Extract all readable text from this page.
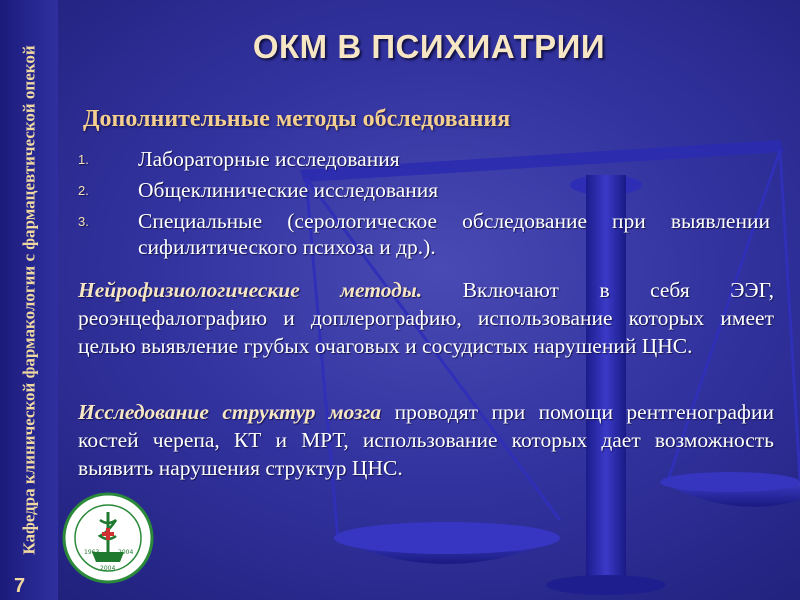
Кафедра клинической фармакологии с фармацевтической опекой
7
1963	2004
2004
ОКМ В ПСИХИАТРИИ
Дополнительные методы обследования
1. Лабораторные исследования
2. Общеклинические исследования
3. Специальные (серологическое обследование при выявлении сифилитического психоза и др.).
Нейрофизиологические методы. Включают в себя ЭЭГ, реоэнцефалографию и доплерографию, использование которых имеет целью выявление грубых очаговых и сосудистых нарушений ЦНС.
Исследование структур мозга проводят при помощи рентгенографии костей черепа, КТ и МРТ, использование которых дает возможность выявить нарушения структур ЦНС.
